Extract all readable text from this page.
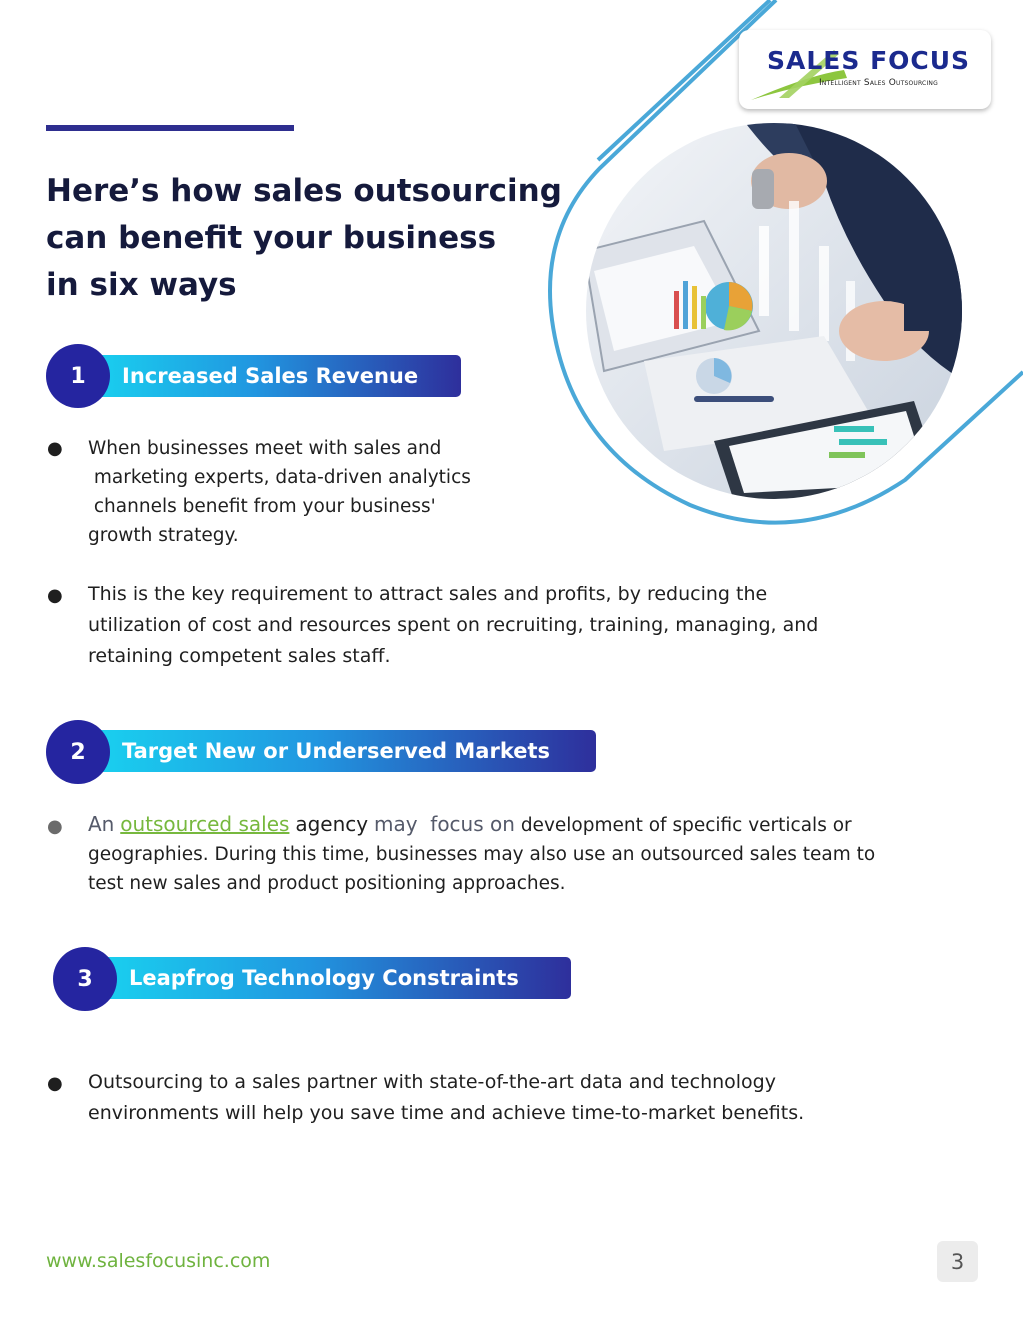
SALES FOCUS
Intelligent Sales Outsourcing
Here’s how sales outsourcing
can benefit your business
in six ways
1	Increased Sales Revenue
● When businesses meet with sales and
marketing experts, data-driven analytics
channels benefit from your business'
growth strategy.
● This is the key requirement to attract sales and profits, by reducing the
utilization of cost and resources spent on recruiting, training, managing, and
retaining competent sales staff.
2	Target New or Underserved Markets
● An outsourced sales agency may  focus on development of specific verticals or
geographies. During this time, businesses may also use an outsourced sales team to
test new sales and product positioning approaches.
3	Leapfrog Technology Constraints
● Outsourcing to a sales partner with state-of-the-art data and technology
environments will help you save time and achieve time-to-market benefits.
www.salesfocusinc.com	3
